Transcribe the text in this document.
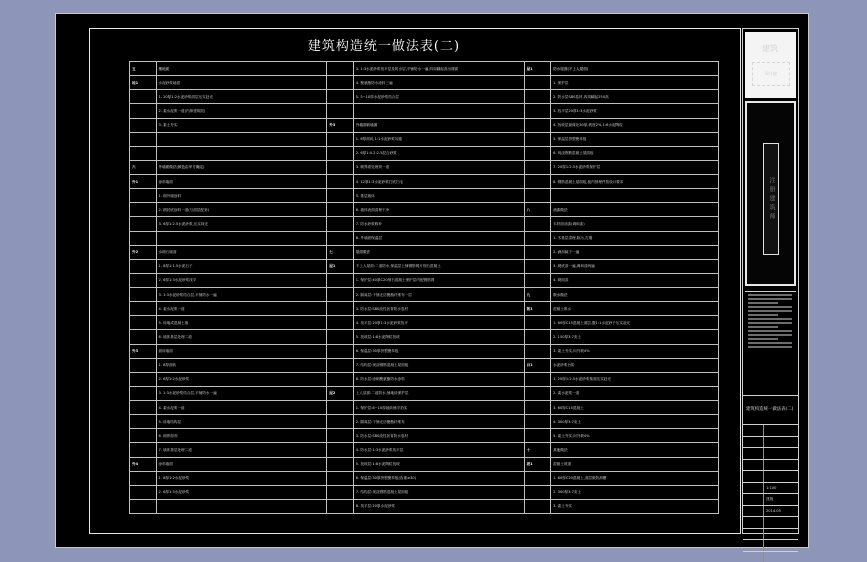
建筑构造统一做法表(二)
五	楼地面		3. 1:3水泥砂浆找平层及防水层,平铺防水一遍,四周翻起高出楼面	屋1	防水屋面(不上人屋面)
地1	水泥砂浆地面		4. 聚氨酯防水涂料三遍		1. 保护层
	1. 20厚1:2水泥砂浆面层压实赶光		5. 5~10厚水泥砂浆结合层		2. 防水层SBS卷材,四周翻起250高
	2. 素水泥浆一道(内掺建筑胶)				3. 找平层20厚1:3水泥砂浆
	3. 素土夯实	外5	外墙面砖墙面		4. 找坡层最薄处30厚,坡度2%,1:8水泥陶粒
			1. 8厚面砖,1:1水泥砂浆勾缝		5. 保温层挤塑聚苯板
			2. 6厚1:0.2:2.5混合砂浆		6. 现浇钢筋混凝土屋面板
六	外墙面做法(颜色由甲方确定)		3. 刷界面处理剂一道		7. 20厚1:2.5水泥砂浆保护层
外1	涂料墙面		4. 12厚1:3水泥砂浆打底扫毛		8. 钢筋混凝土屋面板,板内预埋件按设计要求
	1. 刷外墙涂料		5. 基层墙体		
	2. 刷封底涂料一道(与面层配套)		6. 墙体表面清理干净	八	油漆做法
	3. 6厚1:2.5水泥砂浆,压实抹光		7. 防水砂浆修补		木材面油漆(调和漆)
			8. 外墙面保温层		1. 木基层清理,除污,打磨
外2	水刷石墙面	七	屋面做法		2. 满刮腻子一遍
	1. 8厚1:1.5水泥石子	屋1	不上人屋面:二道防水,保温层上铺钢筋网片细石混凝土		3. 刷底漆一遍,调和漆两遍
	2. 6厚1:3水泥砂浆找平		1. 保护层:40厚C20细石混凝土保护层内配钢筋网		4. 刷面漆
	3. 1:3水泥砂浆结合层,平铺防水一遍		2. 隔离层:干铺无纺聚酯纤维布一层	九	散水做法
	4. 素水泥浆一道		3. 防水层:SBS改性沥青防水卷材	散1	混凝土散水
	5. 砖墙或混凝土墙		4. 找平层:20厚1:3水泥砂浆找平		1. 60厚C15混凝土面层,撒1:1水泥砂子压实赶光
	6. 墙体基层处理二道		5. 找坡层:1:8水泥陶粒找坡		2. 150厚3:7灰土
外3	面砖墙面		6. 保温层:30厚挤塑聚苯板		3. 素土夯实,向外坡4%
	1. 8厚面砖		7. 结构层:现浇钢筋混凝土屋面板	台1	水泥砂浆台阶
	2. 6厚1:2水泥砂浆		8. 防水层:涂刷聚氨酯防水涂料		1. 20厚1:2.5水泥砂浆抹面压实赶光
	3. 1:3水泥砂浆结合层,平铺防水一遍	屋2	上人屋面:二道防水,铺地砖保护层		2. 素水泥浆一道
	4. 素水泥浆一道		1. 保护层:8~10厚地砖铺平拍实		3. 60厚C15混凝土
	5. 砖墙结构层		2. 隔离层:干铺无纺聚酯纤维布		4. 300厚3:7灰土
	6. 刷界面剂		3. 防水层:SBS改性沥青防水卷材		5. 素土夯实,向外坡4%
	7. 墙体基层处理二道		4. 防水层:1:3水泥砂浆找平层	十	其他做法
外4	涂料墙面		5. 找坡层:1:8水泥陶粒找坡	坡1	混凝土坡道
	1. 8厚1:2水泥砂浆		6. 保温层:30厚挤塑聚苯板(容重≥30)		1. 60厚C20混凝土,面层做防滑槽
	2. 6厚1:3水泥砂浆		7. 结构层:现浇钢筋混凝土屋面板		2. 300厚3:7灰土
			8. 找平层:20厚水泥砂浆		3. 素土夯实
建筑
设计院
注册建筑师
建筑构造统一做法表(二)
1:100
建施
2014.05
